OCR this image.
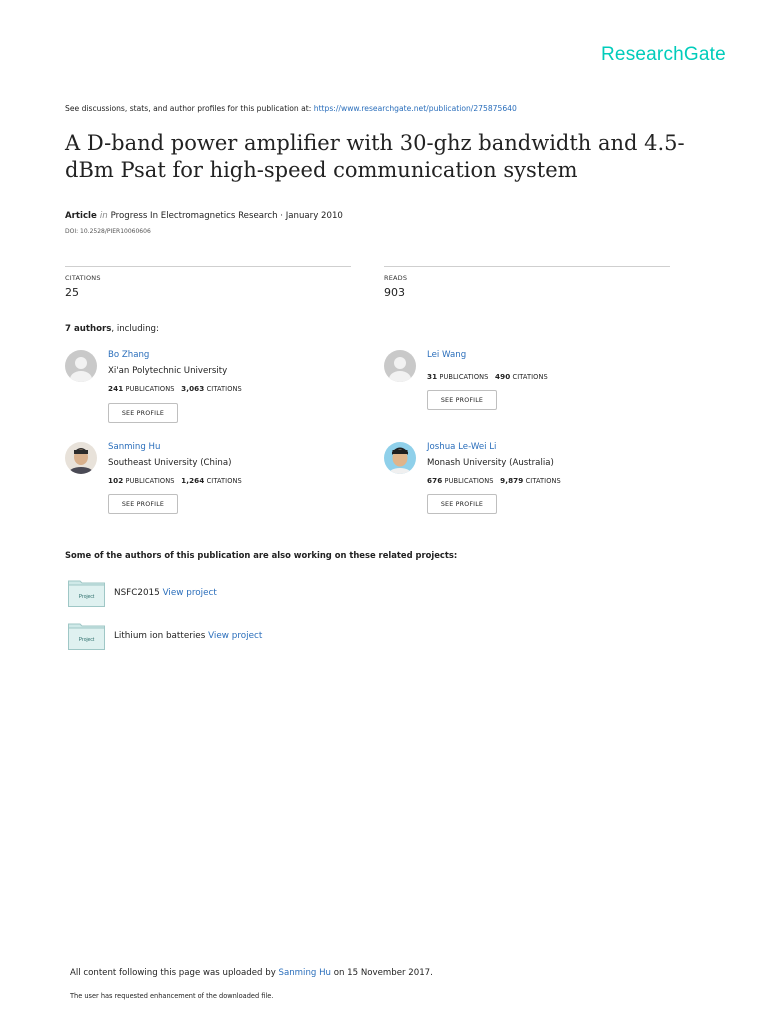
ResearchGate
See discussions, stats, and author profiles for this publication at: https://www.researchgate.net/publication/275875640
A D-band power amplifier with 30-ghz bandwidth and 4.5-
dBm Psat for high-speed communication system
Article in Progress In Electromagnetics Research · January 2010
DOI: 10.2528/PIER10060606
CITATIONS
25
READS
903
7 authors, including:
Bo Zhang
Xi'an Polytechnic University
241 PUBLICATIONS 3,063 CITATIONS
SEE PROFILE
Lei Wang
31 PUBLICATIONS 490 CITATIONS
SEE PROFILE
Sanming Hu
Southeast University (China)
102 PUBLICATIONS 1,264 CITATIONS
SEE PROFILE
Joshua Le-Wei Li
Monash University (Australia)
676 PUBLICATIONS 9,879 CITATIONS
SEE PROFILE
Some of the authors of this publication are also working on these related projects:
Project NSFC2015 View project
Project Lithium ion batteries View project
All content following this page was uploaded by Sanming Hu on 15 November 2017.
The user has requested enhancement of the downloaded file.
